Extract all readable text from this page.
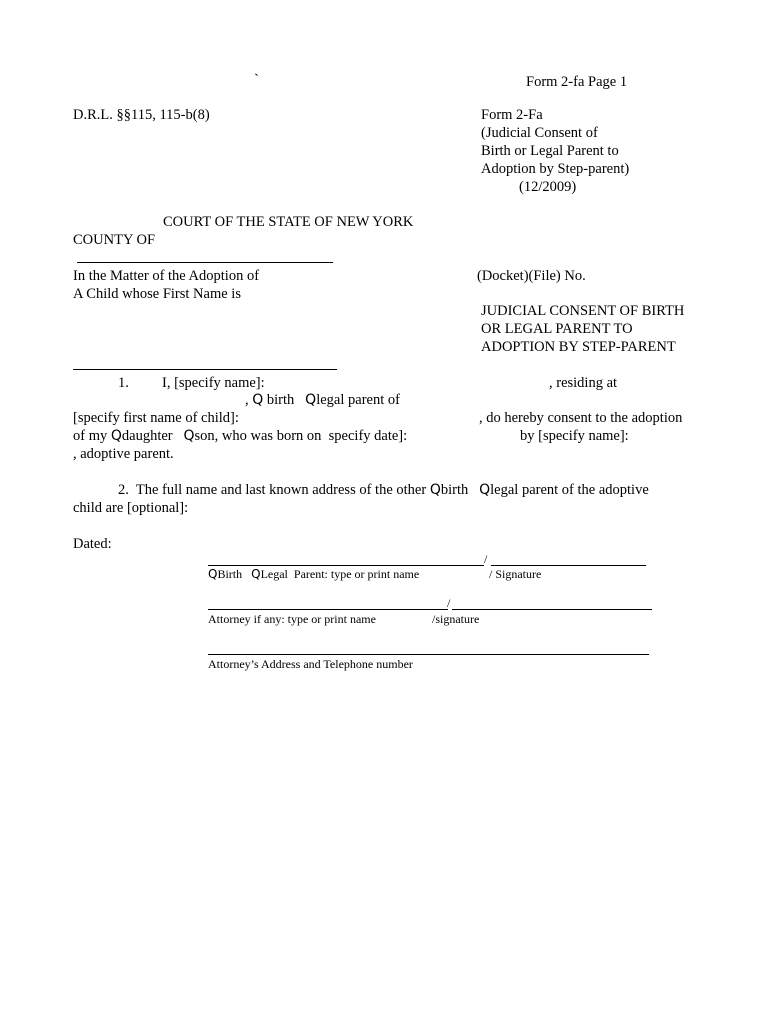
`	Form 2-fa Page 1
D.R.L. §§115, 115-b(8)	Form 2-Fa
(Judicial Consent of
Birth or Legal Parent to
Adoption by Step-parent)
(12/2009)
COURT OF THE STATE OF NEW YORK
COUNTY OF
In the Matter of the Adoption of
A Child whose First Name is
(Docket)(File) No.
JUDICIAL CONSENT OF BIRTH
OR LEGAL PARENT TO
ADOPTION BY STEP-PARENT
1. I, [specify name]:	, residing at
, Q birth Qlegal parent of
[specify first name of child]:	, do hereby consent to the adoption
of my Qdaughter Qson, who was born on  specify date]:	by [specify name]:
, adoptive parent.
2.  The full name and last known address of the other Qbirth Qlegal parent of the adoptive
child are [optional]:
Dated:
/
QBirth QLegal  Parent: type or print name	/ Signature
/
Attorney if any: type or print name	/signature
Attorney’s Address and Telephone number
